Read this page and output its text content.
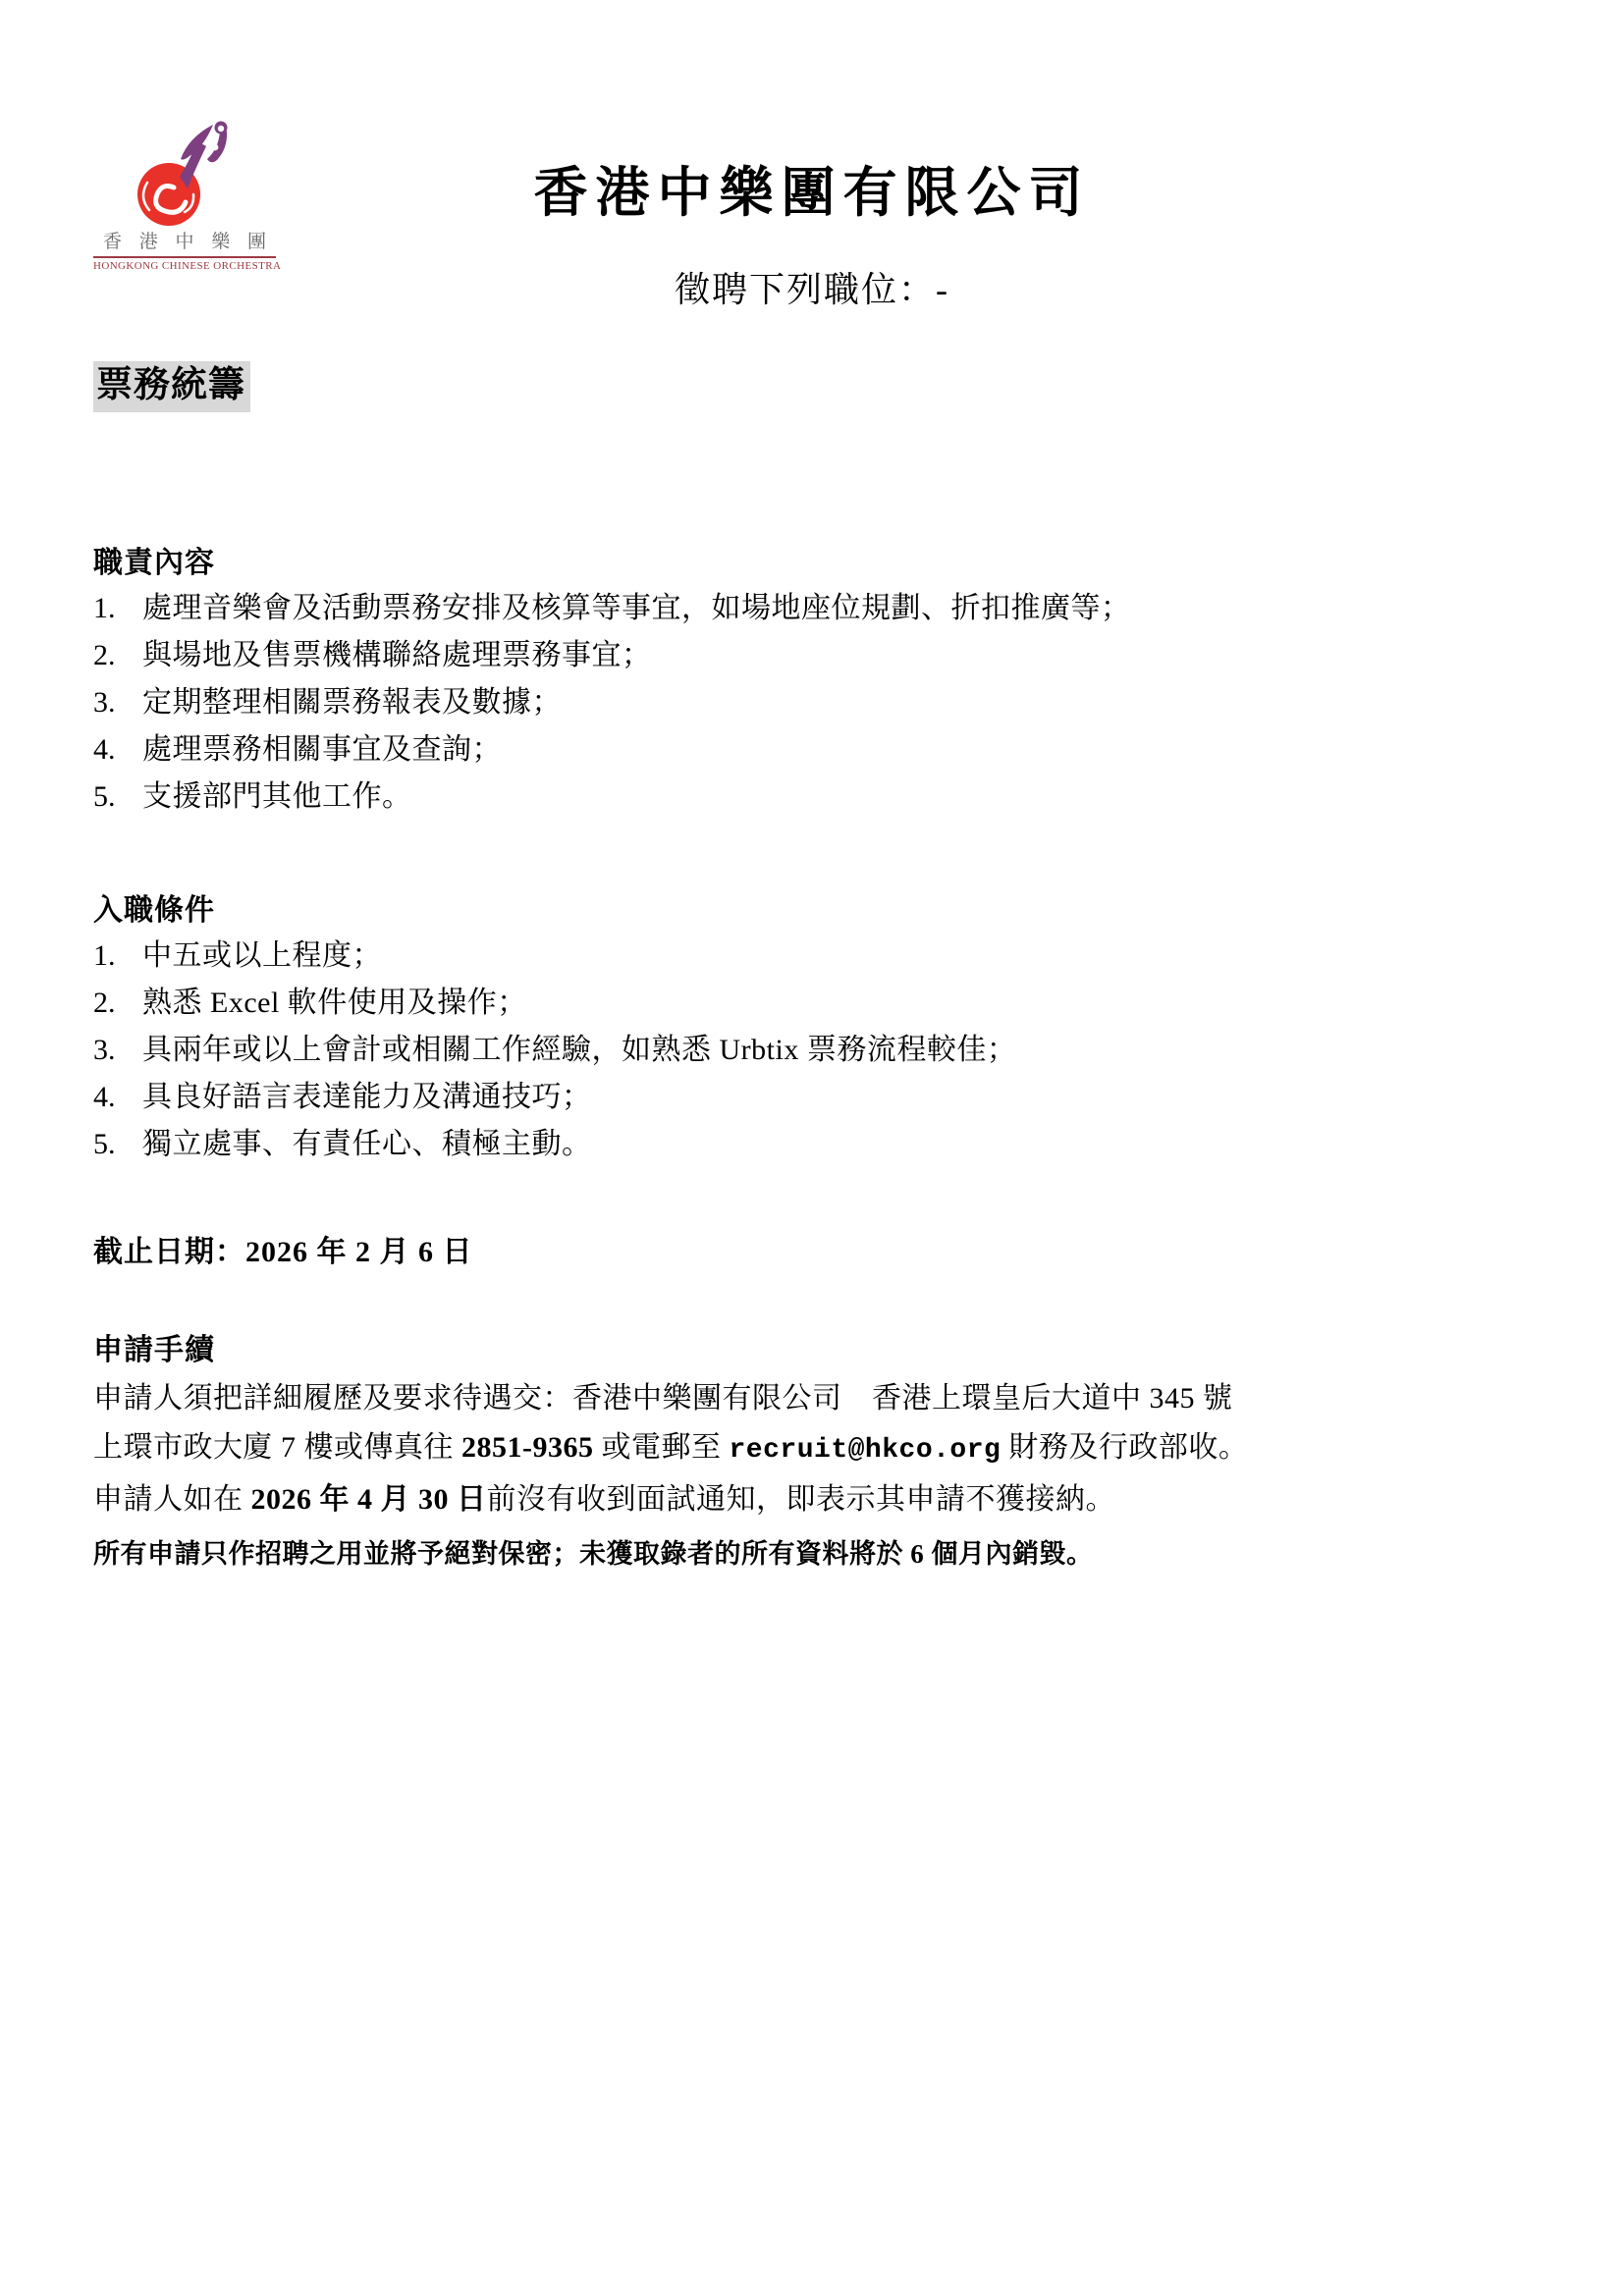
香 港 中 樂 團
HONGKONG CHINESE ORCHESTRA
香港中樂團有限公司
徵聘下列職位：-
票務統籌
職責內容
1. 處理音樂會及活動票務安排及核算等事宜，如場地座位規劃、折扣推廣等；
2. 與場地及售票機構聯絡處理票務事宜；
3. 定期整理相關票務報表及數據；
4. 處理票務相關事宜及查詢；
5. 支援部門其他工作。
入職條件
1. 中五或以上程度；
2. 熟悉 Excel 軟件使用及操作；
3. 具兩年或以上會計或相關工作經驗，如熟悉 Urbtix 票務流程較佳；
4. 具良好語言表達能力及溝通技巧；
5. 獨立處事、有責任心、積極主動。
截止日期：2026 年 2 月 6 日
申請手續
申請人須把詳細履歷及要求待遇交：香港中樂團有限公司　香港上環皇后大道中 345 號
上環市政大廈 7 樓或傳真往 2851-9365 或電郵至 recruit@hkco.org 財務及行政部收。
申請人如在 2026 年 4 月 30 日前沒有收到面試通知，即表示其申請不獲接納。
所有申請只作招聘之用並將予絕對保密；未獲取錄者的所有資料將於 6 個月內銷毀。
